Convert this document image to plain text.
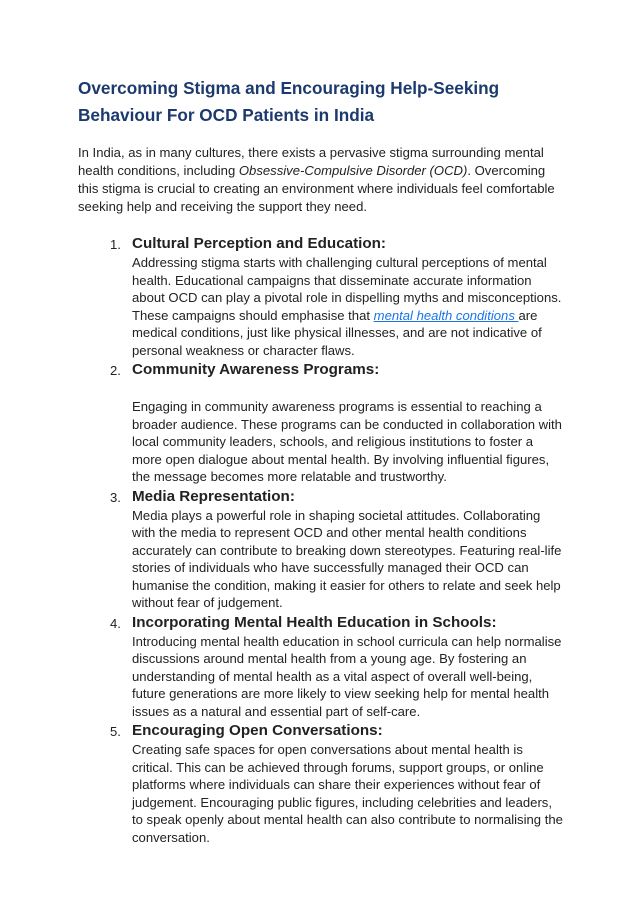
Overcoming Stigma and Encouraging Help-Seeking Behaviour For OCD Patients in India

In India, as in many cultures, there exists a pervasive stigma surrounding mental health conditions, including Obsessive-Compulsive Disorder (OCD). Overcoming this stigma is crucial to creating an environment where individuals feel comfortable seeking help and receiving the support they need.

1. Cultural Perception and Education:

Addressing stigma starts with challenging cultural perceptions of mental health. Educational campaigns that disseminate accurate information about OCD can play a pivotal role in dispelling myths and misconceptions. These campaigns should emphasise that mental health conditions are medical conditions, just like physical illnesses, and are not indicative of personal weakness or character flaws.

2. Community Awareness Programs:

Engaging in community awareness programs is essential to reaching a broader audience. These programs can be conducted in collaboration with local community leaders, schools, and religious institutions to foster a more open dialogue about mental health. By involving influential figures, the message becomes more relatable and trustworthy.

3. Media Representation:

Media plays a powerful role in shaping societal attitudes. Collaborating with the media to represent OCD and other mental health conditions accurately can contribute to breaking down stereotypes. Featuring real-life stories of individuals who have successfully managed their OCD can humanise the condition, making it easier for others to relate and seek help without fear of judgement.

4. Incorporating Mental Health Education in Schools:

Introducing mental health education in school curricula can help normalise discussions around mental health from a young age. By fostering an understanding of mental health as a vital aspect of overall well-being, future generations are more likely to view seeking help for mental health issues as a natural and essential part of self-care.

5. Encouraging Open Conversations:

Creating safe spaces for open conversations about mental health is critical. This can be achieved through forums, support groups, or online platforms where individuals can share their experiences without fear of judgement. Encouraging public figures, including celebrities and leaders, to speak openly about mental health can also contribute to normalising the conversation.
